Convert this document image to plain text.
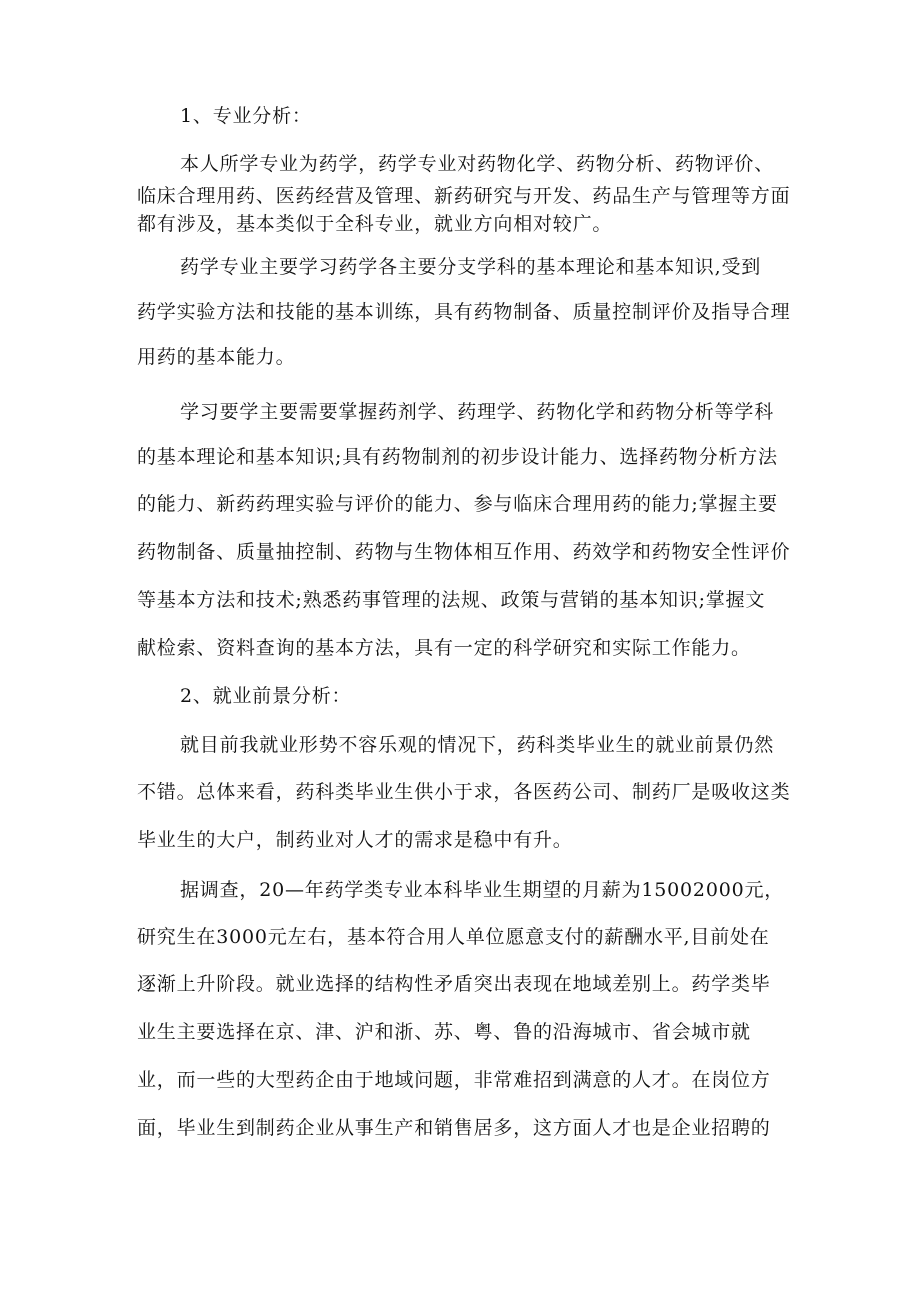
1、专业分析：
本人所学专业为药学，药学专业对药物化学、药物分析、药物评价、
临床合理用药、医药经营及管理、新药研究与开发、药品生产与管理等方面
都有涉及，基本类似于全科专业，就业方向相对较广。
药学专业主要学习药学各主要分支学科的基本理论和基本知识,受到
药学实验方法和技能的基本训练，具有药物制备、质量控制评价及指导合理
用药的基本能力。
学习要学主要需要掌握药剂学、药理学、药物化学和药物分析等学科
的基本理论和基本知识;具有药物制剂的初步设计能力、选择药物分析方法
的能力、新药药理实验与评价的能力、参与临床合理用药的能力;掌握主要
药物制备、质量抽控制、药物与生物体相互作用、药效学和药物安全性评价
等基本方法和技术;熟悉药事管理的法规、政策与营销的基本知识;掌握文
献检索、资料查询的基本方法，具有一定的科学研究和实际工作能力。
2、就业前景分析：
就目前我就业形势不容乐观的情况下，药科类毕业生的就业前景仍然
不错。总体来看，药科类毕业生供小于求，各医药公司、制药厂是吸收这类
毕业生的大户，制药业对人才的需求是稳中有升。
据调查，20—年药学类专业本科毕业生期望的月薪为15002000元，
研究生在3000元左右，基本符合用人单位愿意支付的薪酬水平,目前处在
逐渐上升阶段。就业选择的结构性矛盾突出表现在地域差别上。药学类毕
业生主要选择在京、津、沪和浙、苏、粤、鲁的沿海城市、省会城市就
业，而一些的大型药企由于地域问题，非常难招到满意的人才。在岗位方
面，毕业生到制药企业从事生产和销售居多，这方面人才也是企业招聘的
